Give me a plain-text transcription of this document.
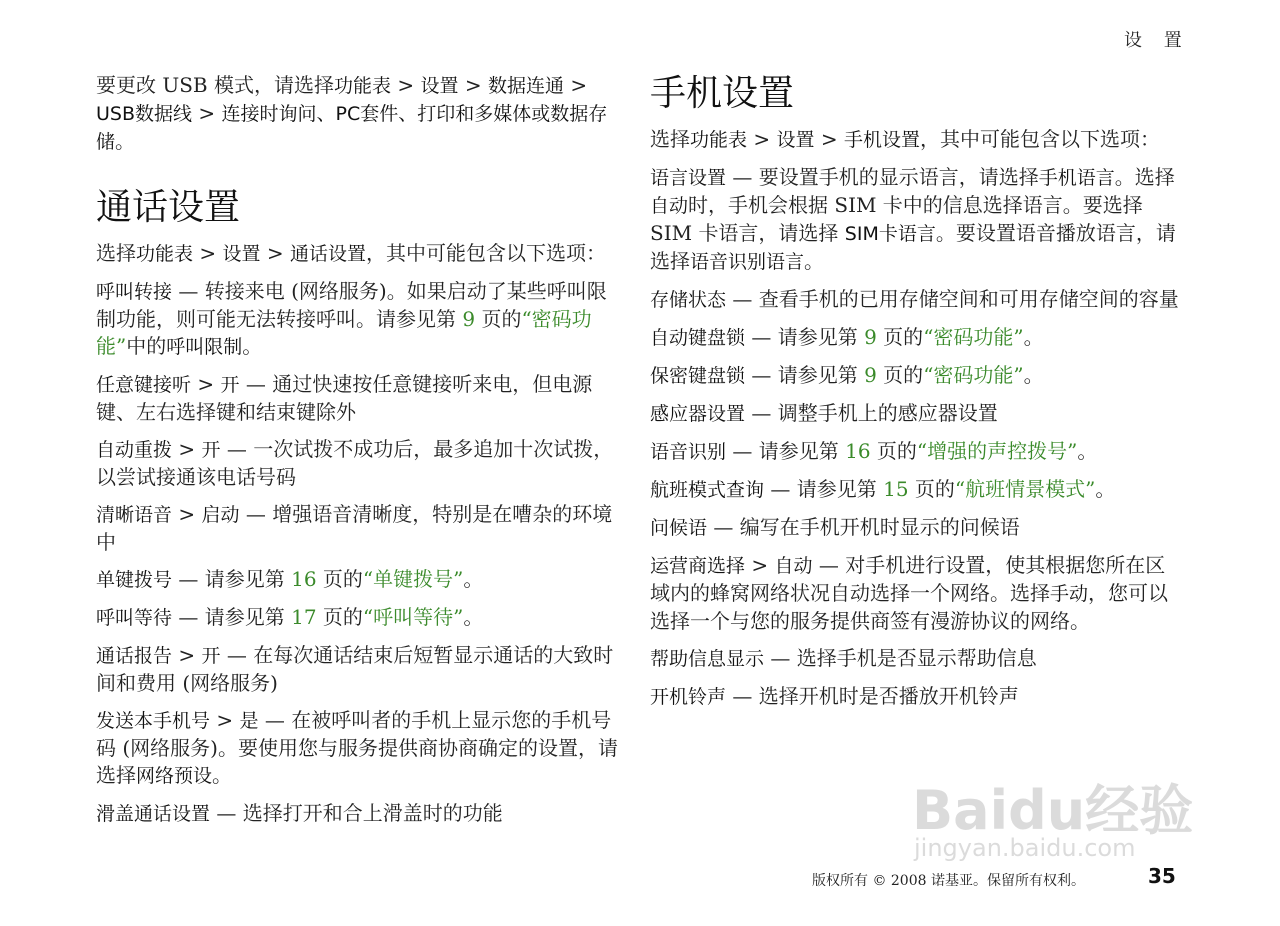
设 置

要更改 USB 模式，请选择功能表 > 设置 > 数据连通 > USB数据线 > 连接时询问、PC套件、打印和多媒体或数据存储。

通话设置

选择功能表 > 设置 > 通话设置，其中可能包含以下选项：

呼叫转接 — 转接来电 (网络服务)。如果启动了某些呼叫限制功能，则可能无法转接呼叫。请参见第 9 页的“密码功能”中的呼叫限制。

任意键接听 > 开 — 通过快速按任意键接听来电，但电源键、左右选择键和结束键除外

自动重拨 > 开 — 一次试拨不成功后，最多追加十次试拨，以尝试接通该电话号码

清晰语音 > 启动 — 增强语音清晰度，特别是在嘈杂的环境中

单键拨号 — 请参见第 16 页的“单键拨号”。

呼叫等待 — 请参见第 17 页的“呼叫等待”。

通话报告 > 开 — 在每次通话结束后短暂显示通话的大致时间和费用 (网络服务)

发送本手机号 > 是 — 在被呼叫者的手机上显示您的手机号码 (网络服务)。要使用您与服务提供商协商确定的设置，请选择网络预设。

滑盖通话设置 — 选择打开和合上滑盖时的功能

手机设置

选择功能表 > 设置 > 手机设置，其中可能包含以下选项：

语言设置 — 要设置手机的显示语言，请选择手机语言。选择自动时，手机会根据 SIM 卡中的信息选择语言。要选择 SIM 卡语言，请选择 SIM卡语言。要设置语音播放语言，请选择语音识别语言。

存储状态 — 查看手机的已用存储空间和可用存储空间的容量

自动键盘锁 — 请参见第 9 页的“密码功能”。

保密键盘锁 — 请参见第 9 页的“密码功能”。

感应器设置 — 调整手机上的感应器设置

语音识别 — 请参见第 16 页的“增强的声控拨号”。

航班模式查询 — 请参见第 15 页的“航班情景模式”。

问候语 — 编写在手机开机时显示的问候语

运营商选择 > 自动 — 对手机进行设置，使其根据您所在区域内的蜂窝网络状况自动选择一个网络。选择手动，您可以选择一个与您的服务提供商签有漫游协议的网络。

帮助信息显示 — 选择手机是否显示帮助信息

开机铃声 — 选择开机时是否播放开机铃声

Baidu经验
jingyan.baidu.com
版权所有 © 2008 诺基亚。保留所有权利。	35
